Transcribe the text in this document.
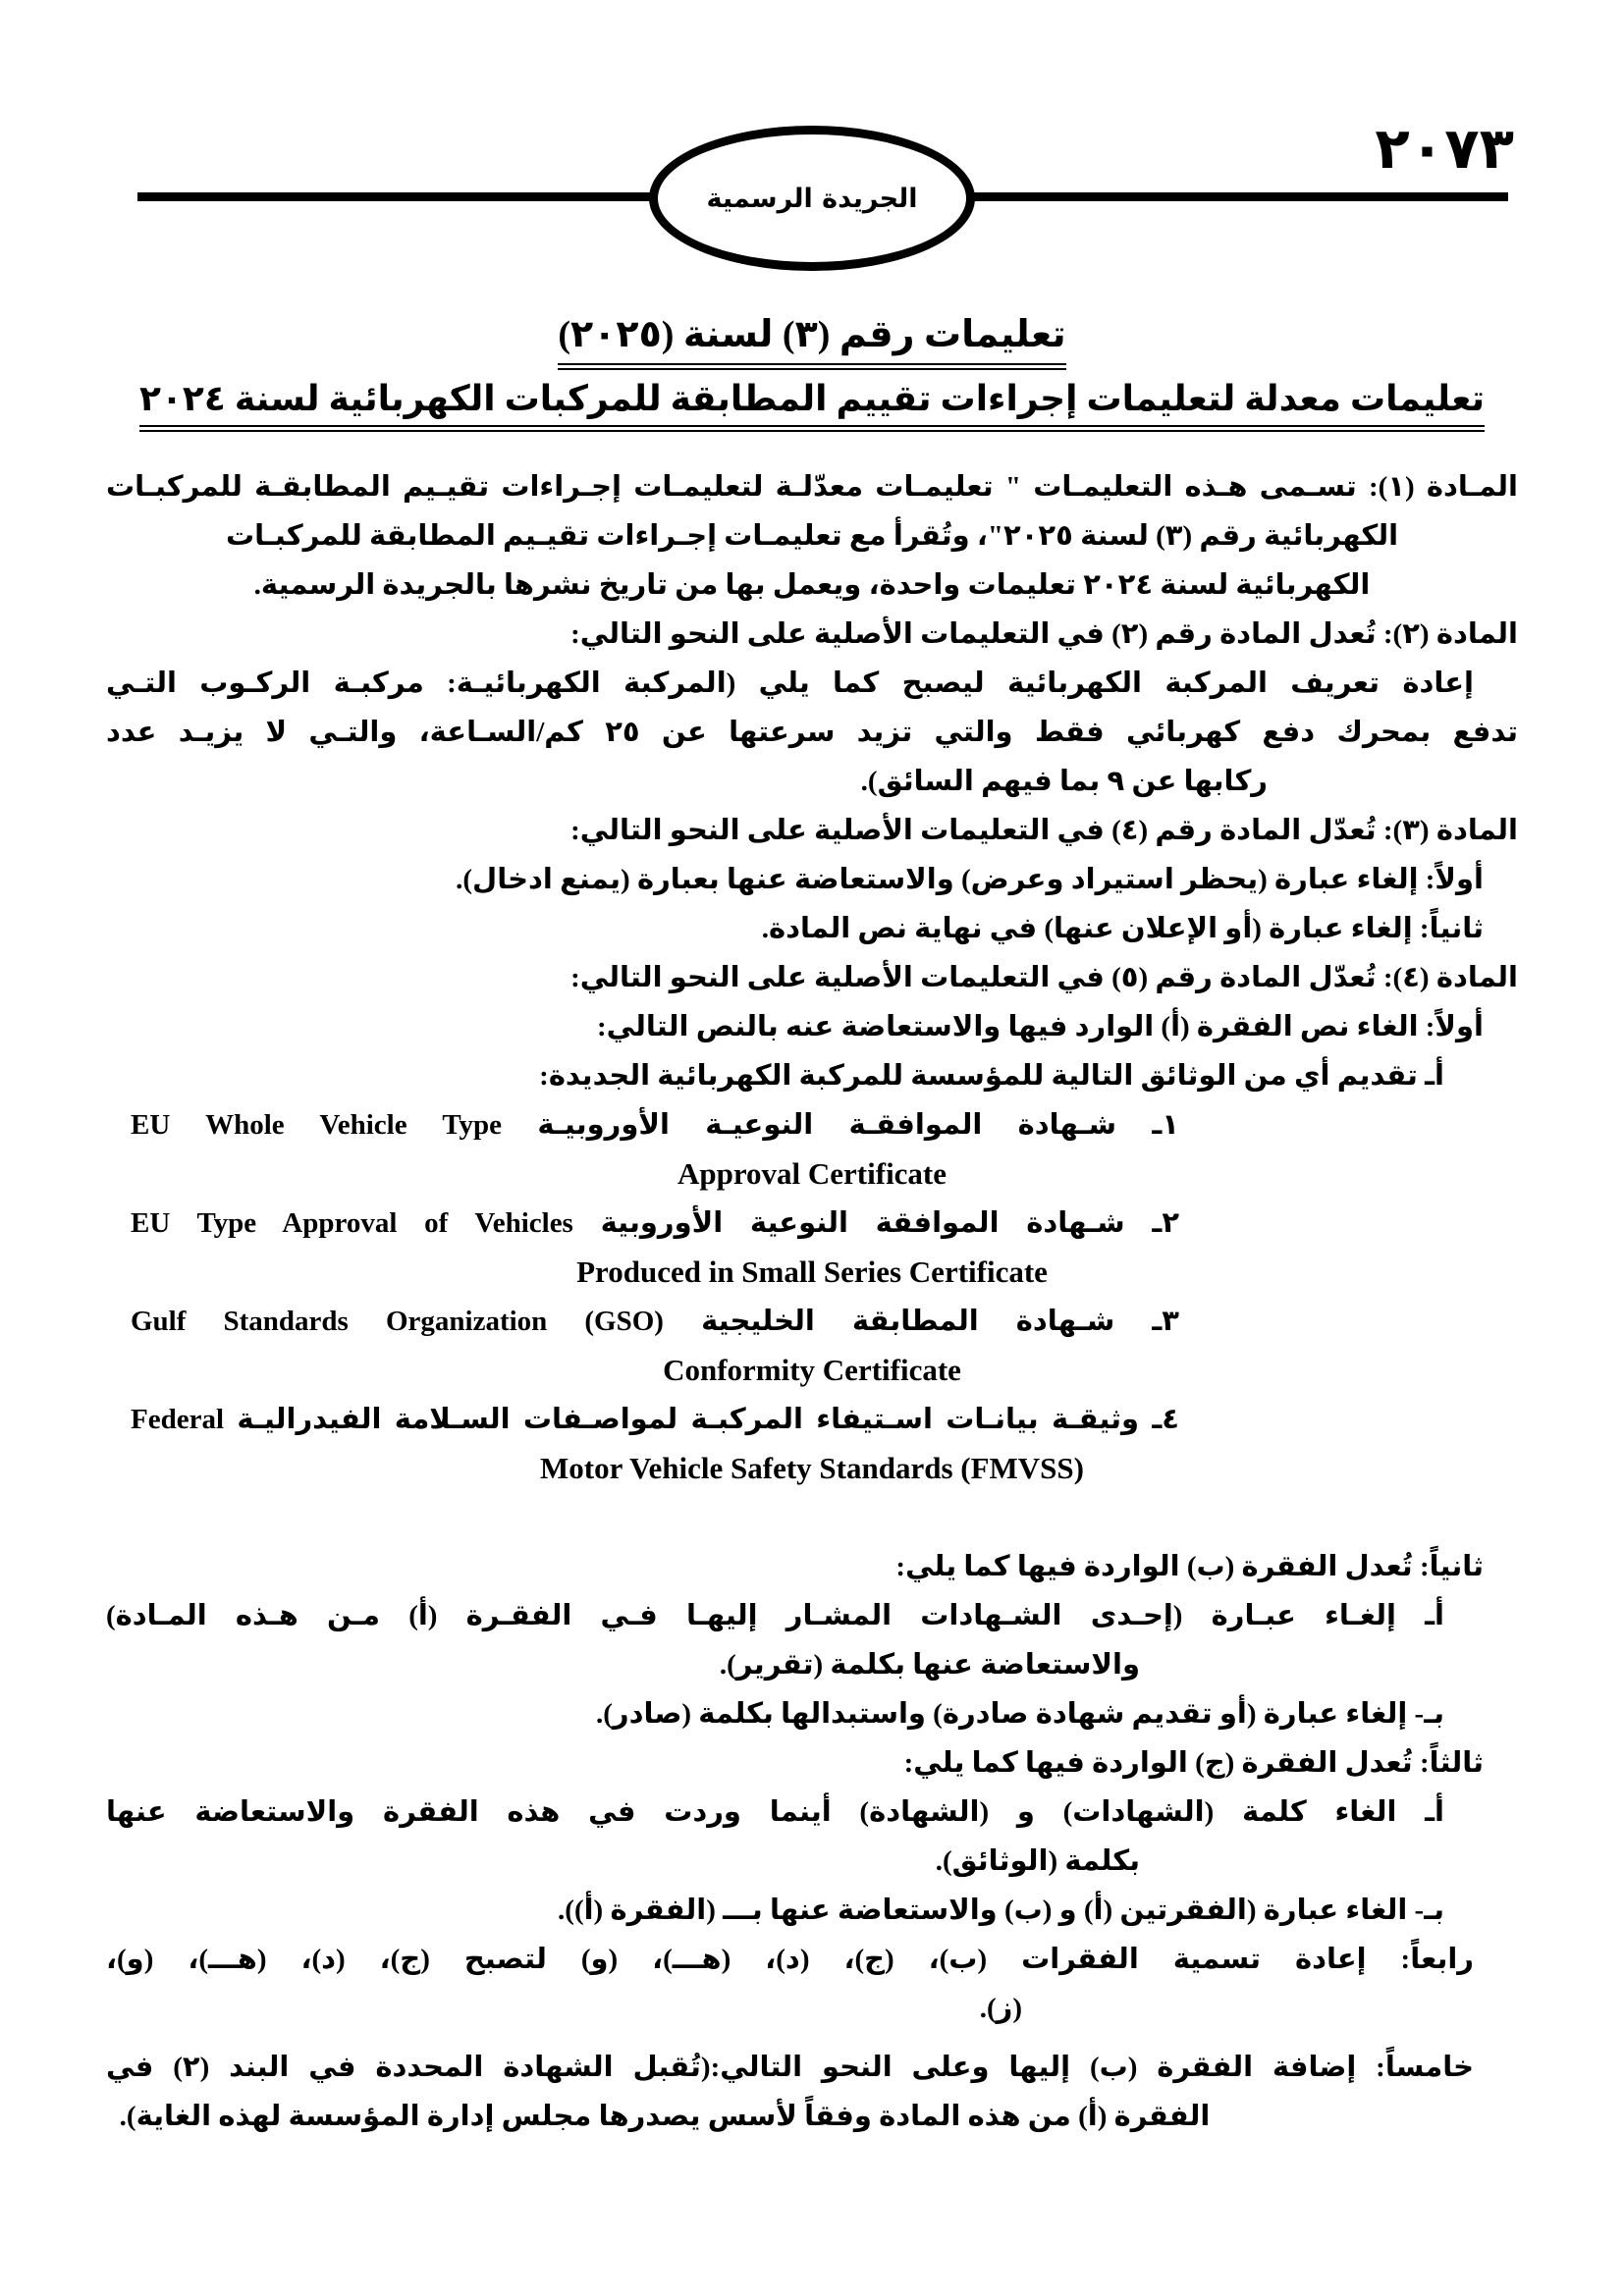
٢٠٧٣
الجريدة الرسمية
تعليمات رقم (٣) لسنة (٢٠٢٥)
تعليمات معدلة لتعليمات إجراءات تقييم المطابقة للمركبات الكهربائية لسنة ٢٠٢٤
المـادة (١): تسـمى هـذه التعليمـات " تعليمـات معدّلـة لتعليمـات إجـراءات تقيـيم المطابقـة للمركبـات
الكهربائية رقم (٣) لسنة ٢٠٢٥"، وتُقرأ مع تعليمـات إجـراءات تقيـيم المطابقة للمركبـات
الكهربائية لسنة ٢٠٢٤ تعليمات واحدة، ويعمل بها من تاريخ نشرها بالجريدة الرسمية.
المادة (٢): تُعدل المادة رقم (٢) في التعليمات الأصلية على النحو التالي:
إعادة تعريف المركبة الكهربائية ليصبح كما يلي (المركبة الكهربائيـة: مركبـة الركـوب التـي
تدفع بمحرك دفع كهربائي فقط والتي تزيد سرعتها عن ٢٥ كم/السـاعة، والتـي لا يزيـد عدد
ركابها عن ٩ بما فيهم السائق).
المادة (٣): تُعدّل المادة رقم (٤) في التعليمات الأصلية على النحو التالي:
أولاً: إلغاء عبارة (يحظر استيراد وعرض) والاستعاضة عنها بعبارة (يمنع ادخال).
ثانياً: إلغاء عبارة (أو الإعلان عنها) في نهاية نص المادة.
المادة (٤): تُعدّل المادة رقم (٥) في التعليمات الأصلية على النحو التالي:
أولاً: الغاء نص الفقرة (أ) الوارد فيها والاستعاضة عنه بالنص التالي:
أـ تقديم أي من الوثائق التالية للمؤسسة للمركبة الكهربائية الجديدة:
١ـ شـهادة الموافقـة النوعيـة الأوروبيـة EU Whole Vehicle Type
Approval Certificate
٢ـ شـهادة الموافقة النوعية الأوروبية EU Type Approval of Vehicles
Produced in Small Series Certificate
٣ـ شـهادة المطابقة الخليجية Gulf Standards Organization (GSO)
Conformity Certificate
٤ـ وثيقـة بيانـات اسـتيفاء المركبـة لمواصـفات السـلامة الفيدراليـة Federal
Motor Vehicle Safety Standards (FMVSS)
ثانياً: تُعدل الفقرة (ب) الواردة فيها كما يلي:
أـ إلغـاء عبـارة (إحـدى الشـهادات المشـار إليهـا فـي الفقـرة (أ) مـن هـذه المـادة)
والاستعاضة عنها بكلمة (تقرير).
بـ- إلغاء عبارة (أو تقديم شهادة صادرة) واستبدالها بكلمة (صادر).
ثالثاً: تُعدل الفقرة (ج) الواردة فيها كما يلي:
أـ الغاء كلمة (الشهادات) و (الشهادة) أينما وردت في هذه الفقرة والاستعاضة عنها
بكلمة (الوثائق).
بـ- الغاء عبارة (الفقرتين (أ) و (ب) والاستعاضة عنها بـــ (الفقرة (أ)).
رابعاً: إعادة تسمية الفقرات (ب)، (ج)، (د)، (هـــ)، (و) لتصبح (ج)، (د)، (هـــ)، (و)،
(ز).
خامساً: إضافة الفقرة (ب) إليها وعلى النحو التالي:(تُقبل الشهادة المحددة في البند (٢) في
الفقرة (أ) من هذه المادة وفقاً لأسس يصدرها مجلس إدارة المؤسسة لهذه الغاية).
